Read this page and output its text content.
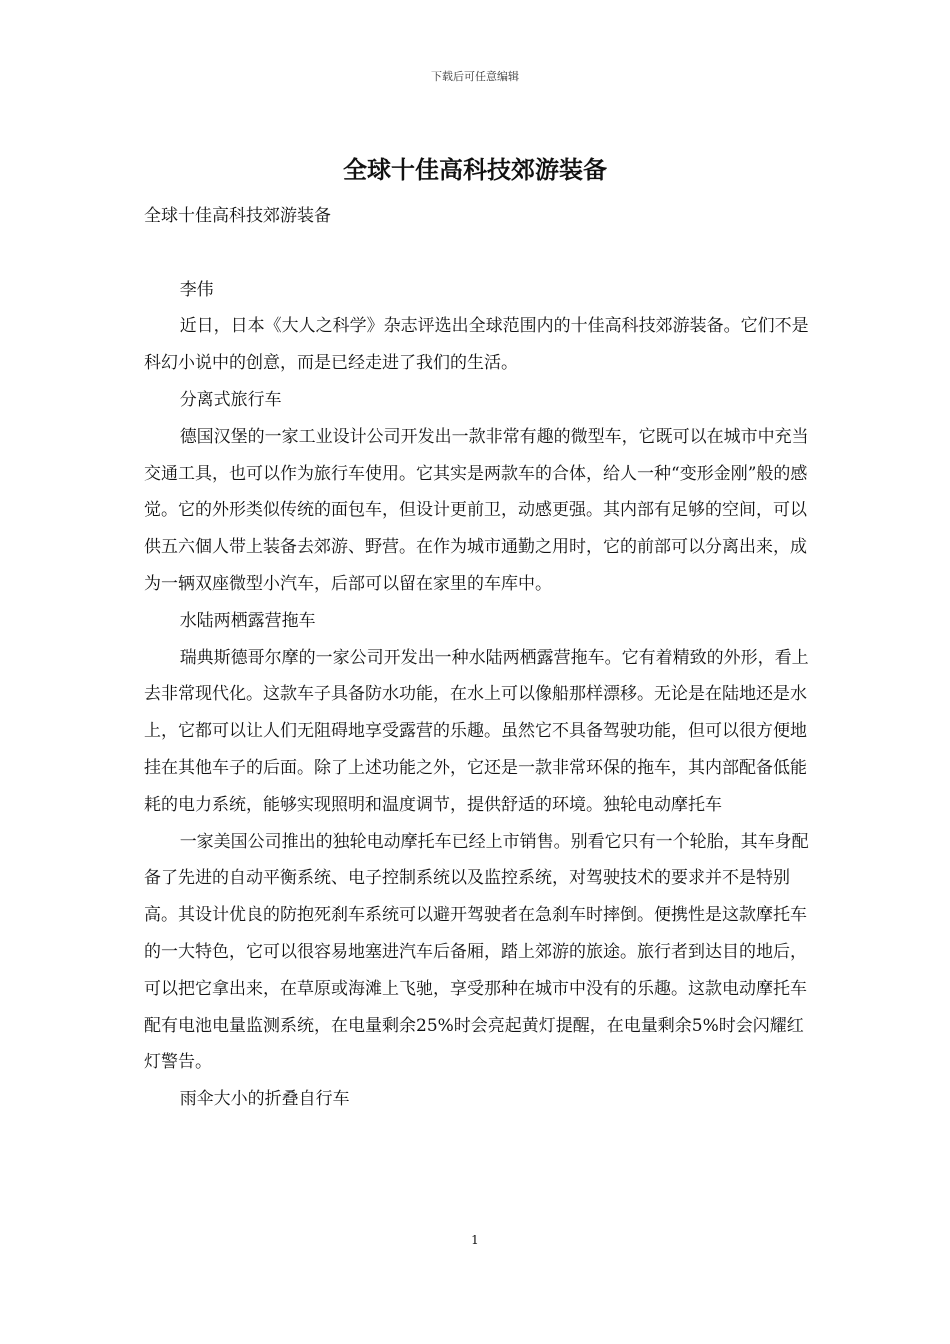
下载后可任意编辑
全球十佳高科技郊游装备

全球十佳高科技郊游装备

李伟

近日，日本《大人之科学》杂志评选出全球范围内的十佳高科技郊游装备。它们不是科幻小说中的创意，而是已经走进了我们的生活。

分离式旅行车

德国汉堡的一家工业设计公司开发出一款非常有趣的微型车，它既可以在城市中充当交通工具，也可以作为旅行车使用。它其实是两款车的合体，给人一种“变形金刚”般的感觉。它的外形类似传统的面包车，但设计更前卫，动感更强。其内部有足够的空间，可以供五六個人带上装备去郊游、野营。在作为城市通勤之用时，它的前部可以分离出来，成为一辆双座微型小汽车，后部可以留在家里的车库中。

水陆两栖露营拖车

瑞典斯德哥尔摩的一家公司开发出一种水陆两栖露营拖车。它有着精致的外形，看上去非常现代化。这款车子具备防水功能，在水上可以像船那样漂移。无论是在陆地还是水上，它都可以让人们无阻碍地享受露营的乐趣。虽然它不具备驾驶功能，但可以很方便地挂在其他车子的后面。除了上述功能之外，它还是一款非常环保的拖车，其内部配备低能耗的电力系统，能够实现照明和温度调节，提供舒适的环境。独轮电动摩托车

一家美国公司推出的独轮电动摩托车已经上市销售。别看它只有一个轮胎，其车身配备了先进的自动平衡系统、电子控制系统以及监控系统，对驾驶技术的要求并不是特别高。其设计优良的防抱死刹车系统可以避开驾驶者在急刹车时摔倒。便携性是这款摩托车的一大特色，它可以很容易地塞进汽车后备厢，踏上郊游的旅途。旅行者到达目的地后，可以把它拿出来，在草原或海滩上飞驰，享受那种在城市中没有的乐趣。这款电动摩托车配有电池电量监测系统，在电量剩余25%时会亮起黄灯提醒，在电量剩余5%时会闪耀红灯警告。

雨伞大小的折叠自行车

1
